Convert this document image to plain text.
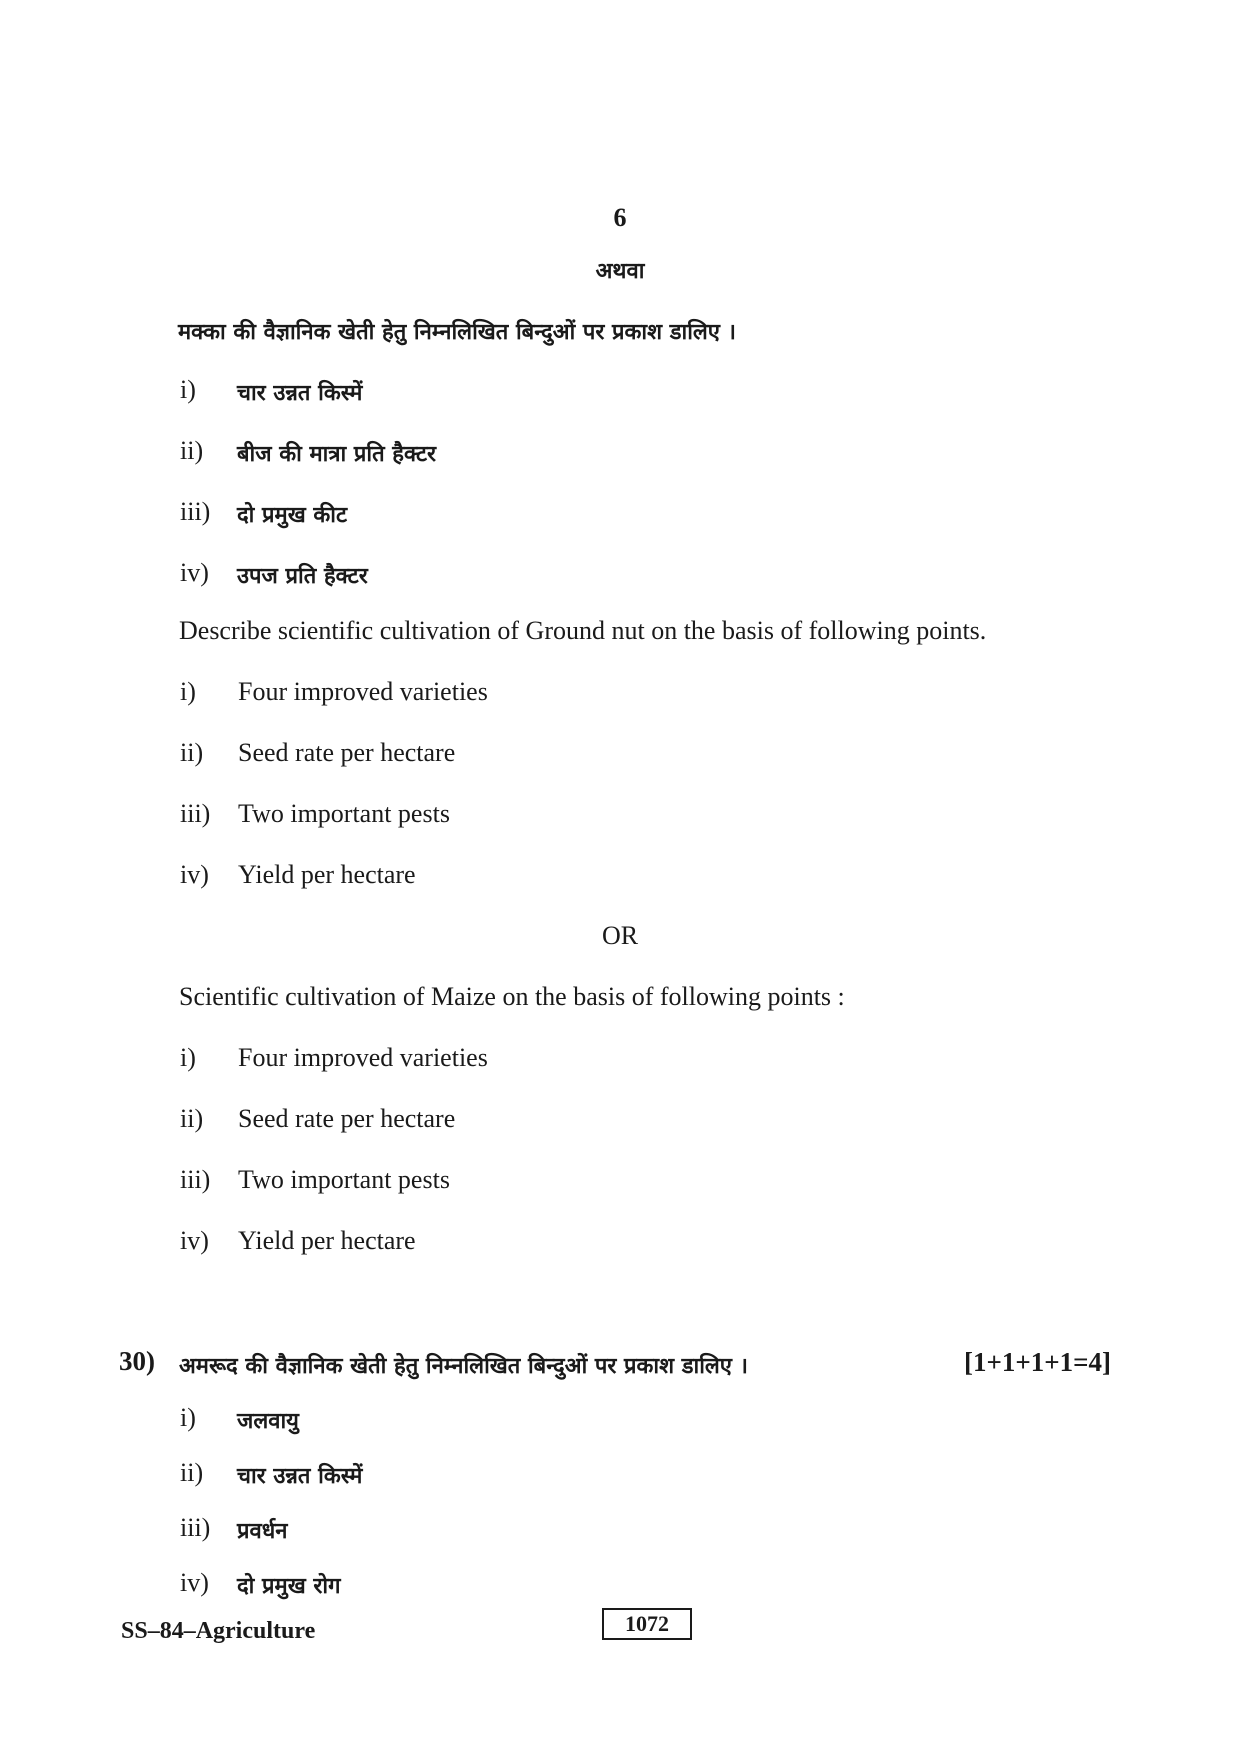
6
अथवा
मक्का की वैज्ञानिक खेती हेतु निम्नलिखित बिन्दुओं पर प्रकाश डालिए ।
i) चार उन्नत किस्में
ii) बीज की मात्रा प्रति हैक्टर
iii) दो प्रमुख कीट
iv) उपज प्रति हैक्टर
Describe scientific cultivation of Ground nut on the basis of following points.
i) Four improved varieties
ii) Seed rate per hectare
iii) Two important pests
iv) Yield per hectare
OR
Scientific cultivation of Maize on the basis of following points :
i) Four improved varieties
ii) Seed rate per hectare
iii) Two important pests
iv) Yield per hectare
30) अमरूद की वैज्ञानिक खेती हेतु निम्नलिखित बिन्दुओं पर प्रकाश डालिए ।	[1+1+1+1=4]
i) जलवायु
ii) चार उन्नत किस्में
iii) प्रवर्धन
iv) दो प्रमुख रोग
SS–84–Agriculture	1072
